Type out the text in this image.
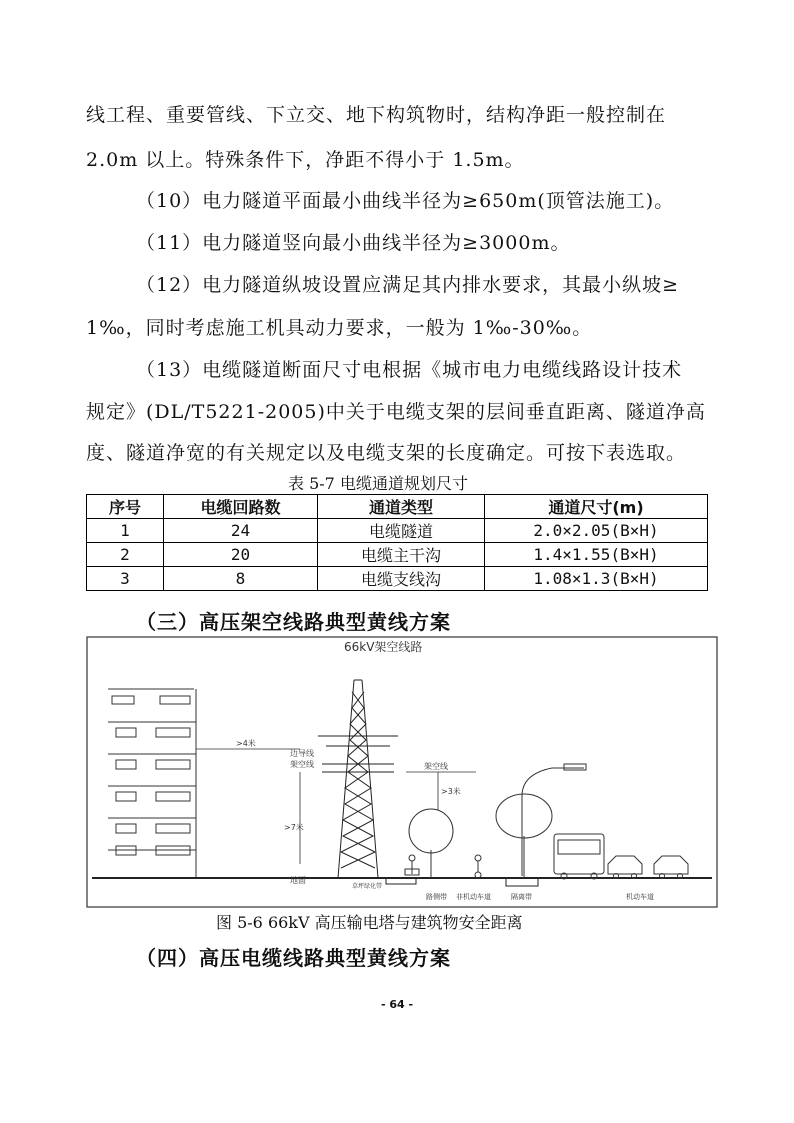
线工程、重要管线、下立交、地下构筑物时，结构净距一般控制在

2.0m 以上。特殊条件下，净距不得小于 1.5m。

（10）电力隧道平面最小曲线半径为≥650m(顶管法施工)。

（11）电力隧道竖向最小曲线半径为≥3000m。

（12）电力隧道纵坡设置应满足其内排水要求，其最小纵坡≥

1‰，同时考虑施工机具动力要求，一般为 1‰-30‰。

（13）电缆隧道断面尺寸电根据《城市电力电缆线路设计技术

规定》(DL/T5221-2005)中关于电缆支架的层间垂直距离、隧道净高

度、隧道净宽的有关规定以及电缆支架的长度确定。可按下表选取。

表 5-7 电缆通道规划尺寸

序号	电缆回路数	通道类型	通道尺寸(m)
1	24	电缆隧道	2.0×2.05(B×H)
2	20	电缆主干沟	1.4×1.55(B×H)
3	8	电缆支线沟	1.08×1.3(B×H)

（三）高压架空线路典型黄线方案

66kV架空线路
地面
>4米
边导线
架空线	架空线
>7米
>3米
草坪绿化带
路侧带 非机动车道	隔离带	机动车道

图 5-6 66kV 高压输电塔与建筑物安全距离

（四）高压电缆线路典型黄线方案

- 64 -
